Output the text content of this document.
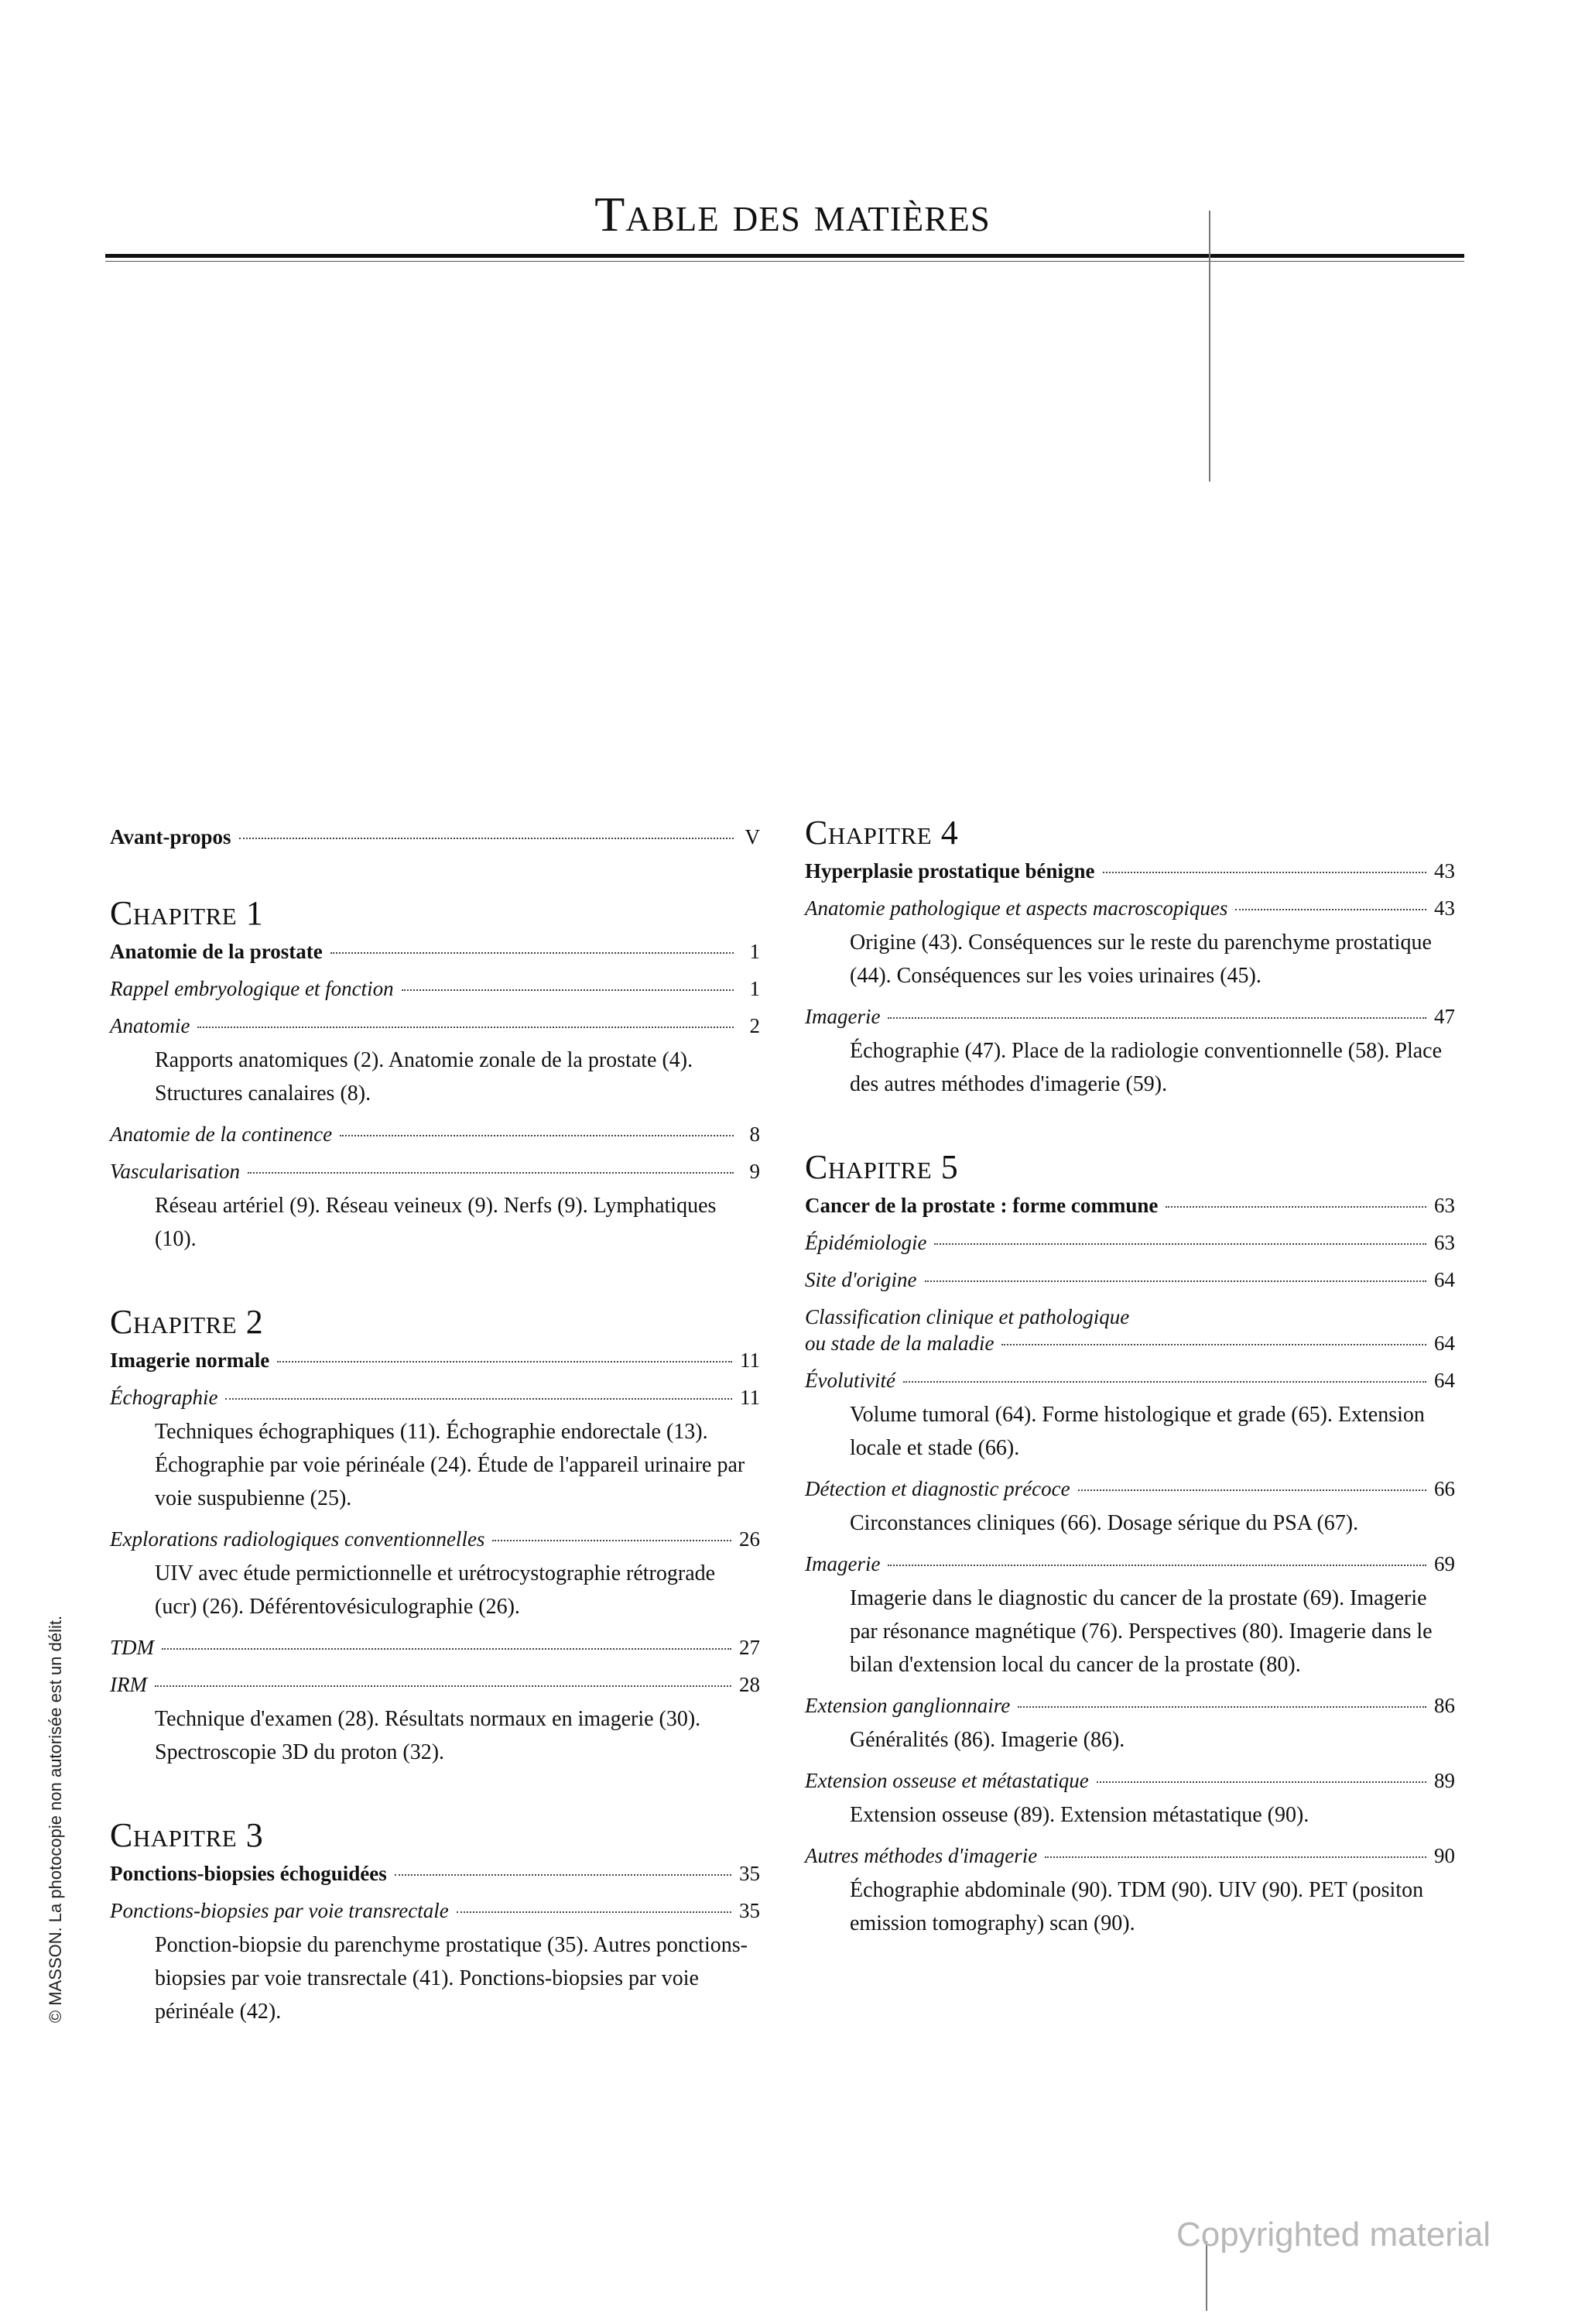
Table des matières
Avant-propos	V
Chapitre 1
Anatomie de la prostate	1
Rappel embryologique et fonction	1
Anatomie	2
Rapports anatomiques (2). Anatomie zonale de la prostate (4). Structures canalaires (8).
Anatomie de la continence	8
Vascularisation	9
Réseau artériel (9). Réseau veineux (9). Nerfs (9). Lymphatiques (10).
Chapitre 2
Imagerie normale	11
Échographie	11
Techniques échographiques (11). Échographie endorectale (13). Échographie par voie périnéale (24). Étude de l'appareil urinaire par voie suspubienne (25).
Explorations radiologiques conventionnelles	26
UIV avec étude permictionnelle et urétrocystographie rétrograde (ucr) (26). Déférentovésiculographie (26).
TDM	27
IRM	28
Technique d'examen (28). Résultats normaux en imagerie (30). Spectroscopie 3D du proton (32).
Chapitre 3
Ponctions-biopsies échoguidées	35
Ponctions-biopsies par voie transrectale	35
Ponction-biopsie du parenchyme prostatique (35). Autres ponctions-biopsies par voie transrectale (41). Ponctions-biopsies par voie périnéale (42).
Chapitre 4
Hyperplasie prostatique bénigne	43
Anatomie pathologique et aspects macroscopiques	43
Origine (43). Conséquences sur le reste du parenchyme prostatique (44). Conséquences sur les voies urinaires (45).
Imagerie	47
Échographie (47). Place de la radiologie conventionnelle (58). Place des autres méthodes d'imagerie (59).
Chapitre 5
Cancer de la prostate : forme commune	63
Épidémiologie	63
Site d'origine	64
Classification clinique et pathologique
ou stade de la maladie	64
Évolutivité	64
Volume tumoral (64). Forme histologique et grade (65). Extension locale et stade (66).
Détection et diagnostic précoce	66
Circonstances cliniques (66). Dosage sérique du PSA (67).
Imagerie	69
Imagerie dans le diagnostic du cancer de la prostate (69). Imagerie par résonance magnétique (76). Perspectives (80). Imagerie dans le bilan d'extension local du cancer de la prostate (80).
Extension ganglionnaire	86
Généralités (86). Imagerie (86).
Extension osseuse et métastatique	89
Extension osseuse (89). Extension métastatique (90).
Autres méthodes d'imagerie	90
Échographie abdominale (90). TDM (90). UIV (90). PET (positon emission tomography) scan (90).
© MASSON. La photocopie non autorisée est un délit.
Copyrighted material
